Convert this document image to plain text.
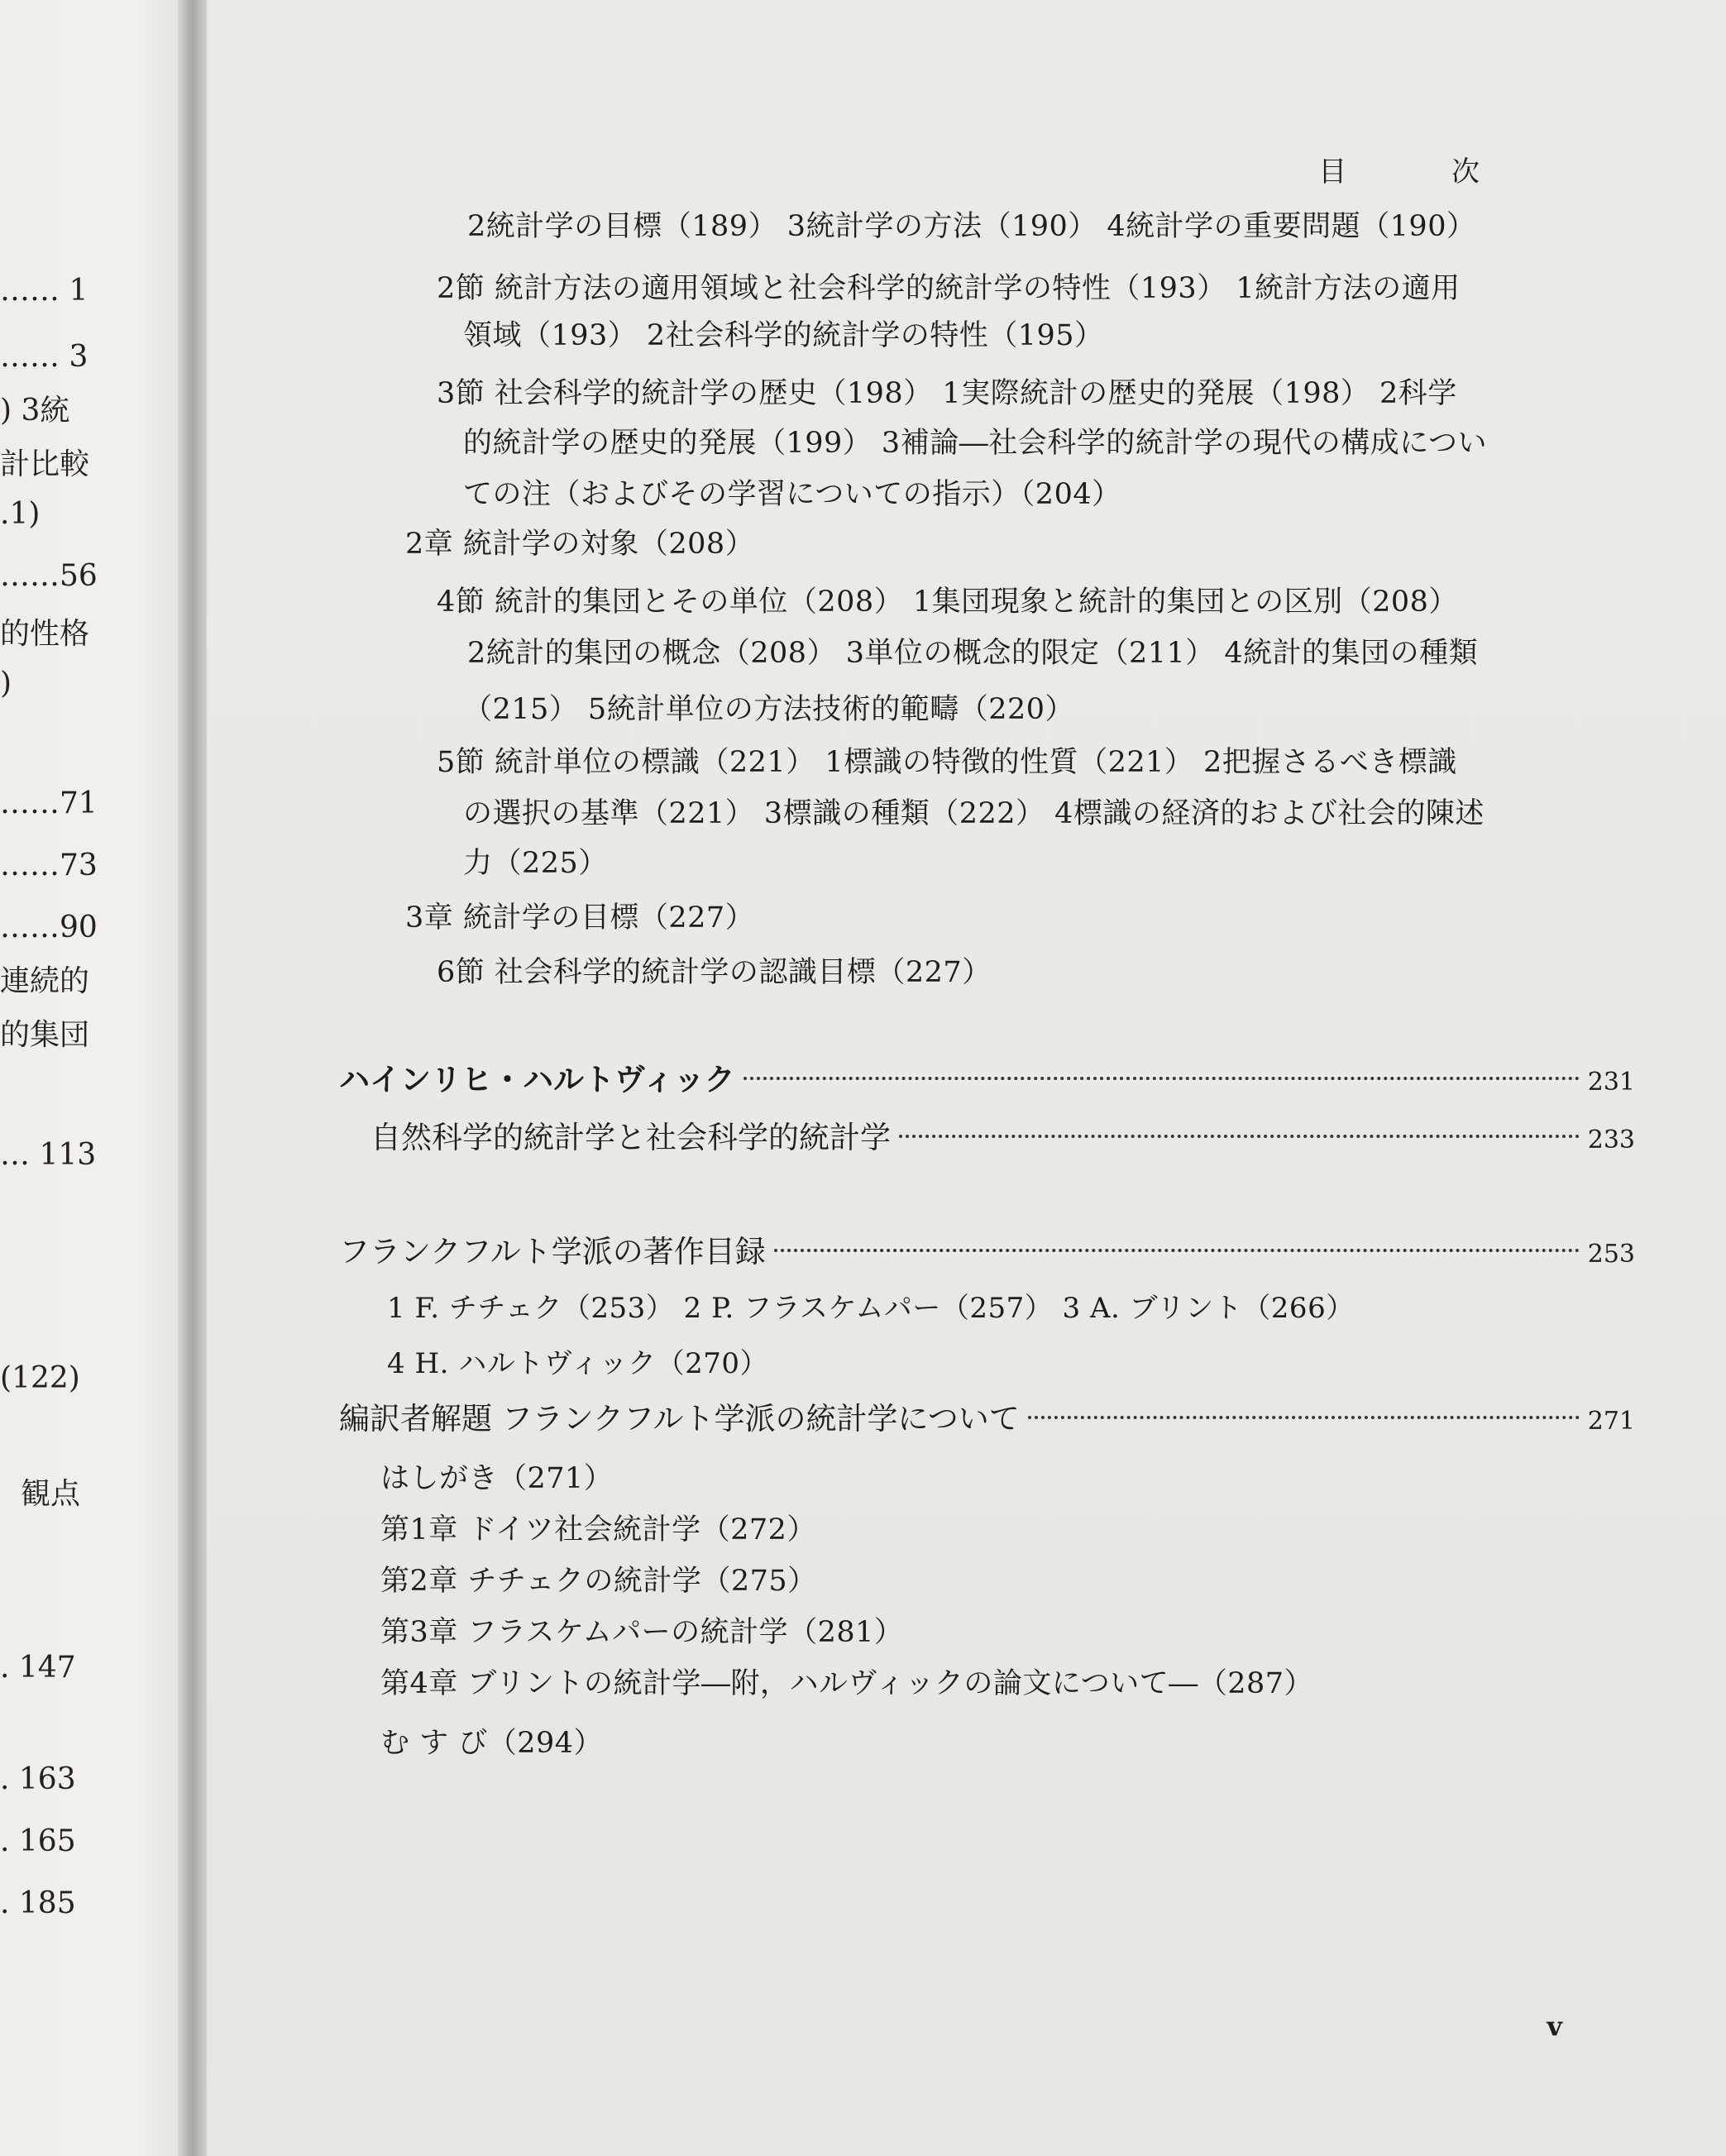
…… 1
…… 3
) 3統
計比較
.1)
……56
的性格
)
……71
……73
……90
連続的
的集団
… 113
(122)
観点
. 147
. 163
. 165
. 185
目 次
2統計学の目標（189） 3統計学の方法（190） 4統計学の重要問題（190）
2節 統計方法の適用領域と社会科学的統計学の特性（193） 1統計方法の適用
領域（193） 2社会科学的統計学の特性（195）
3節 社会科学的統計学の歴史（198） 1実際統計の歴史的発展（198） 2科学
的統計学の歴史的発展（199） 3補論―社会科学的統計学の現代の構成につい
ての注（およびその学習についての指示）（204）
2章 統計学の対象（208）
4節 統計的集団とその単位（208） 1集団現象と統計的集団との区別（208）
2統計的集団の概念（208） 3単位の概念的限定（211） 4統計的集団の種類
（215） 5統計単位の方法技術的範疇（220）
5節 統計単位の標識（221） 1標識の特徴的性質（221） 2把握さるべき標識
の選択の基準（221） 3標識の種類（222） 4標識の経済的および社会的陳述
力（225）
3章 統計学の目標（227）
6節 社会科学的統計学の認識目標（227）
ハインリヒ・ハルトヴィック	231
自然科学的統計学と社会科学的統計学	233
フランクフルト学派の著作目録	253
1 F. チチェク（253） 2 P. フラスケムパー（257） 3 A. ブリント（266）
4 H. ハルトヴィック（270）
編訳者解題 フランクフルト学派の統計学について	271
はしがき（271）
第1章 ドイツ社会統計学（272）
第2章 チチェクの統計学（275）
第3章 フラスケムパーの統計学（281）
第4章 ブリントの統計学―附，ハルヴィックの論文について―（287）
む す び（294）
v
